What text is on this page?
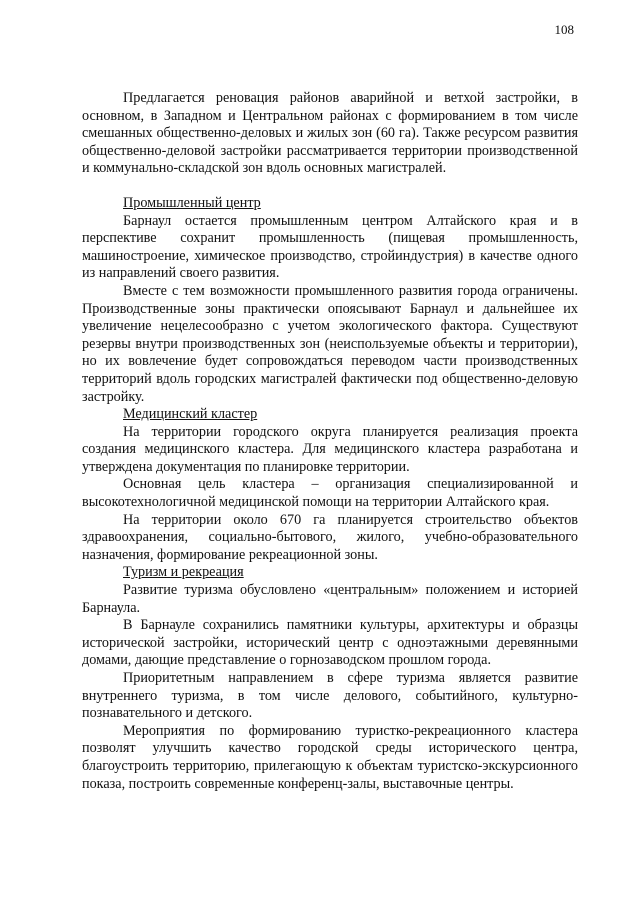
108

Предлагается реновация районов аварийной и ветхой застройки, в основном, в Западном и Центральном районах с формированием в том числе смешанных общественно-деловых и жилых зон (60 га). Также ресурсом развития общественно-деловой застройки рассматривается территории производственной и коммунально-складской зон вдоль основных магистралей.

Промышленный центр

Барнаул остается промышленным центром Алтайского края и в перспективе сохранит промышленность (пищевая промышленность, машиностроение, химическое производство, стройиндустрия) в качестве одного из направлений своего развития.

Вместе с тем возможности промышленного развития города ограничены. Производственные зоны практически опоясывают Барнаул и дальнейшее их увеличение нецелесообразно с учетом экологического фактора. Существуют резервы внутри производственных зон (неиспользуемые объекты и территории), но их вовлечение будет сопровождаться переводом части производственных территорий вдоль городских магистралей фактически под общественно-деловую застройку.

Медицинский кластер

На территории городского округа планируется реализация проекта создания медицинского кластера. Для медицинского кластера разработана и утверждена документация по планировке территории.

Основная цель кластера – организация специализированной и высокотехнологичной медицинской помощи на территории Алтайского края.

На территории около 670 га планируется строительство объектов здравоохранения, социально-бытового, жилого, учебно-образовательного назначения, формирование рекреационной зоны.

Туризм и рекреация

Развитие туризма обусловлено «центральным» положением и историей Барнаула.

В Барнауле сохранились памятники культуры, архитектуры и образцы исторической застройки, исторический центр с одноэтажными деревянными домами, дающие представление о горнозаводском прошлом города.

Приоритетным направлением в сфере туризма является развитие внутреннего туризма, в том числе делового, событийного, культурно-познавательного и детского.

Мероприятия по формированию туристко-рекреационного кластера позволят улучшить качество городской среды исторического центра, благоустроить территорию, прилегающую к объектам туристско-экскурсионного показа, построить современные конференц-залы, выставочные центры.
